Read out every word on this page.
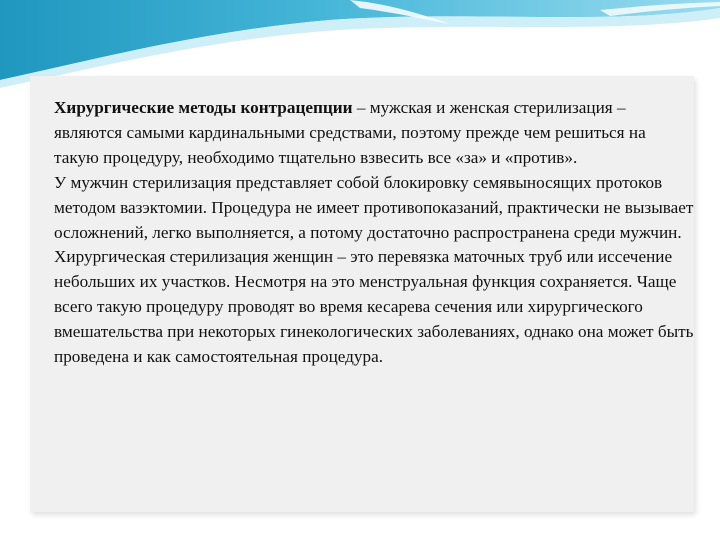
Хирургические методы контрацепции – мужская и женская стерилизация – являются самыми кардинальными средствами, поэтому прежде чем решиться на такую процедуру, необходимо тщательно взвесить все «за» и «против».

У мужчин стерилизация представляет собой блокировку семявыносящих протоков методом вазэктомии. Процедура не имеет противопоказаний, практически не вызывает осложнений, легко выполняется, а потому достаточно распространена среди мужчин.

Хирургическая стерилизация женщин – это перевязка маточных труб или иссечение небольших их участков. Несмотря на это менструальная функция сохраняется. Чаще всего такую процедуру проводят во время кесарева сечения или хирургического вмешательства при некоторых гинекологических заболеваниях, однако она может быть проведена и как самостоятельная процедура.
